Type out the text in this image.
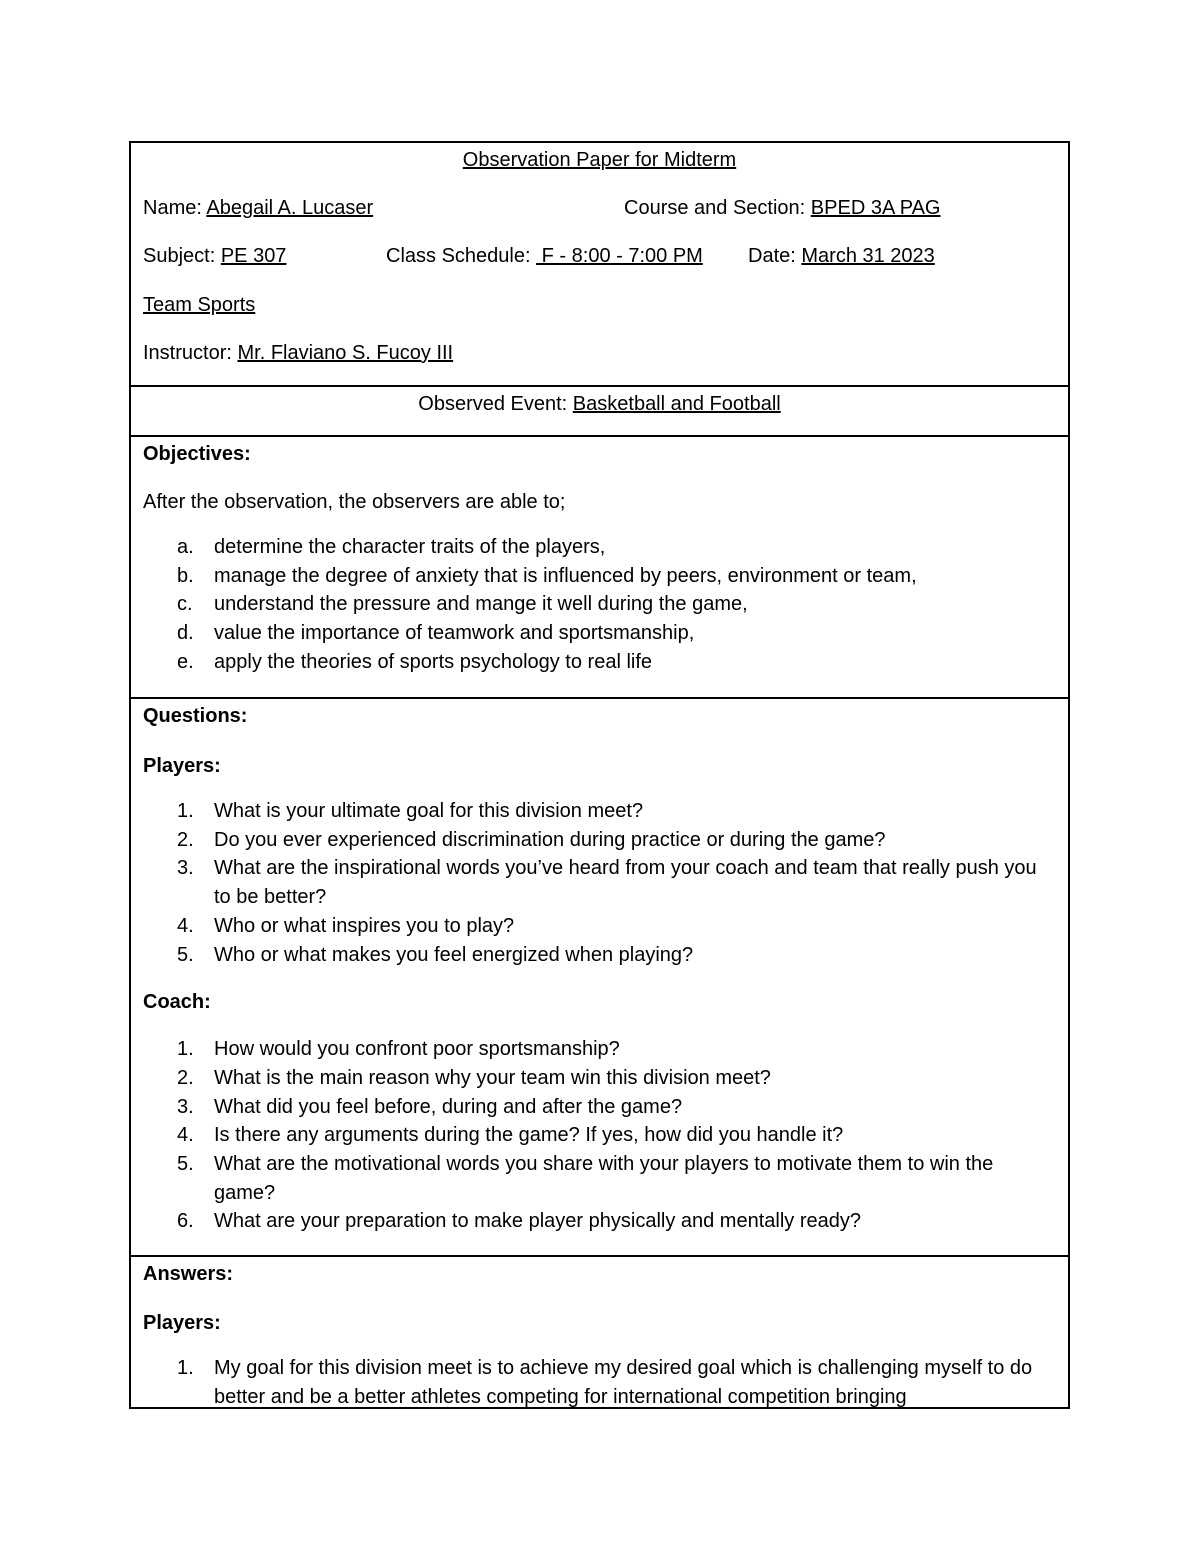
Observation Paper for Midterm
Name: Abegail A. Lucaser	Course and Section: BPED 3A PAG
Subject: PE 307	Class Schedule:  F - 8:00 - 7:00 PM Date: March 31 2023
Team Sports
Instructor: Mr. Flaviano S. Fucoy III
Observed Event: Basketball and Football
Objectives:
After the observation, the observers are able to;
a. determine the character traits of the players,
b. manage the degree of anxiety that is influenced by peers, environment or team,
c. understand the pressure and mange it well during the game,
d. value the importance of teamwork and sportsmanship,
e. apply the theories of sports psychology to real life
Questions:
Players:
1. What is your ultimate goal for this division meet?
2. Do you ever experienced discrimination during practice or during the game?
3. What are the inspirational words you’ve heard from your coach and team that really push you to be better?
4. Who or what inspires you to play?
5. Who or what makes you feel energized when playing?
Coach:
1. How would you confront poor sportsmanship?
2. What is the main reason why your team win this division meet?
3. What did you feel before, during and after the game?
4. Is there any arguments during the game? If yes, how did you handle it?
5. What are the motivational words you share with your players to motivate them to win the game?
6. What are your preparation to make player physically and mentally ready?
Answers:
Players:
1. My goal for this division meet is to achieve my desired goal which is challenging myself to do better and be a better athletes competing for international competition bringing
